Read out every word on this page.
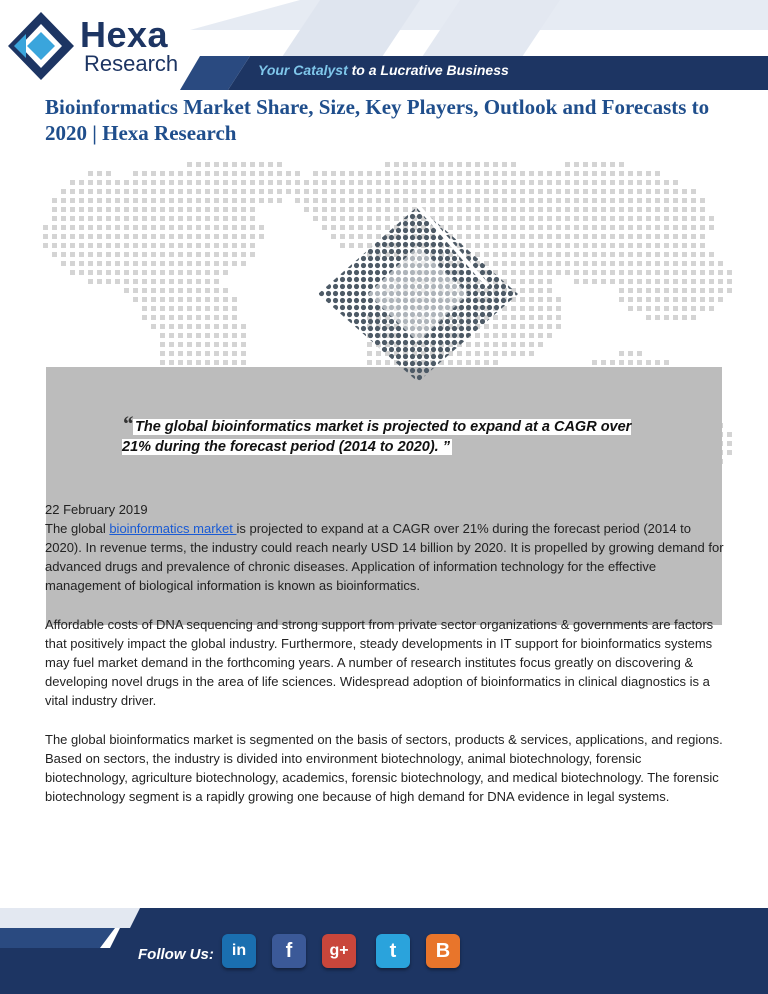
Hexa
Research	Your Catalyst to a Lucrative Business
Bioinformatics Market Share, Size, Key Players, Outlook and Forecasts to 2020 | Hexa Research
“ The global bioinformatics market is projected to expand at a CAGR over 21% during the forecast period (2014 to 2020). ”

22 February 2019

The global bioinformatics market is projected to expand at a CAGR over 21% during the forecast period (2014 to 2020). In revenue terms, the industry could reach nearly USD 14 billion by 2020. It is propelled by growing demand for advanced drugs and prevalence of chronic diseases. Application of information technology for the effective management of biological information is known as bioinformatics.

Affordable costs of DNA sequencing and strong support from private sector organizations & governments are factors that positively impact the global industry. Furthermore, steady developments in IT support for bioinformatics systems may fuel market demand in the forthcoming years. A number of research institutes focus greatly on discovering & developing novel drugs in the area of life sciences. Widespread adoption of bioinformatics in clinical diagnostics is a vital industry driver.

The global bioinformatics market is segmented on the basis of sectors, products & services, applications, and regions. Based on sectors, the industry is divided into environment biotechnology, animal biotechnology, forensic biotechnology, agriculture biotechnology, academics, forensic biotechnology, and medical biotechnology. The forensic biotechnology segment is a rapidly growing one because of high demand for DNA evidence in legal systems.

Follow Us:	in	f	g+	t	B
